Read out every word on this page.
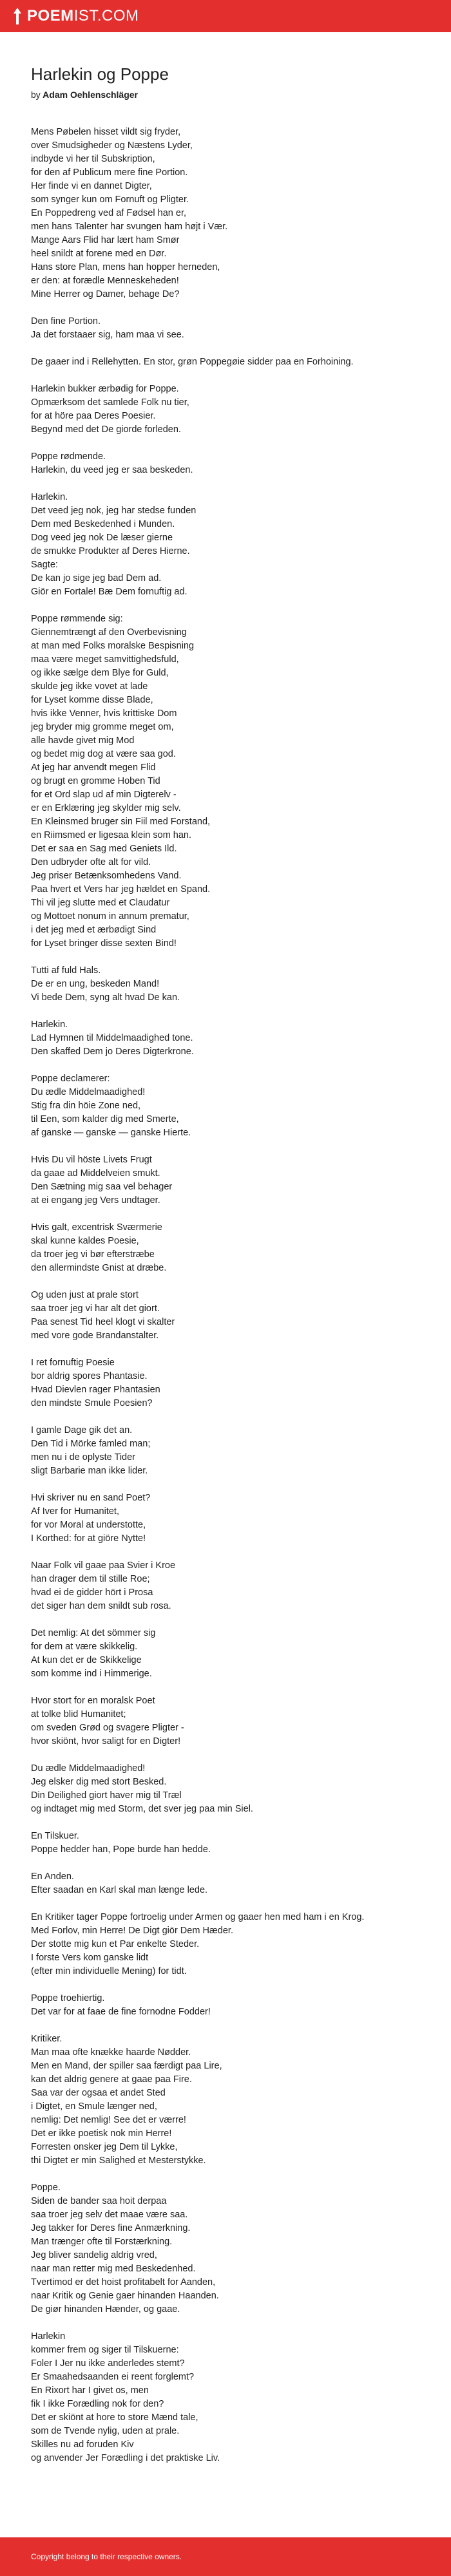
POEM IST.COM
Harlekin og Poppe
by Adam Oehlenschläger
Mens Pøbelen hisset vildt sig fryder,
over Smudsigheder og Næstens Lyder,
indbyde vi her til Subskription,
for den af Publicum mere fine Portion.
Her finde vi en dannet Digter,
som synger kun om Fornuft og Pligter.
En Poppedreng ved af Fødsel han er,
men hans Talenter har svungen ham højt i Vær.
Mange Aars Flid har lært ham Smør
heel snildt at forene med en Dør.
Hans store Plan, mens han hopper herneden,
er den: at forædle Menneskeheden!
Mine Herrer og Damer, behage De?
Den fine Portion.
Ja det forstaaer sig, ham maa vi see.
De gaaer ind i Rellehytten. En stor, grøn Poppegøie sidder paa en Forhoining.
Harlekin bukker ærbødig for Poppe.
Opmærksom det samlede Folk nu tier,
for at höre paa Deres Poesier.
Begynd med det De giorde forleden.
Poppe rødmende.
Harlekin, du veed jeg er saa beskeden.
Harlekin.
Det veed jeg nok, jeg har stedse funden
Dem med Beskedenhed i Munden.
Dog veed jeg nok De læser gierne
de smukke Produkter af Deres Hierne.
Sagte:
De kan jo sige jeg bad Dem ad.
Giör en Fortale! Bæ Dem fornuftig ad.
Poppe rømmende sig:
Giennemtrængt af den Overbevisning
at man med Folks moralske Bespisning
maa være meget samvittighedsfuld,
og ikke sælge dem Blye for Guld,
skulde jeg ikke vovet at lade
for Lyset komme disse Blade,
hvis ikke Venner, hvis krittiske Dom
jeg bryder mig gromme meget om,
alle havde givet mig Mod
og bedet mig dog at være saa god.
At jeg har anvendt megen Flid
og brugt en gromme Hoben Tid
for et Ord slap ud af min Digterelv -
er en Erklæring jeg skylder mig selv.
En Kleinsmed bruger sin Fiil med Forstand,
en Riimsmed er ligesaa klein som han.
Det er saa en Sag med Geniets Ild.
Den udbryder ofte alt for vild.
Jeg priser Betænksomhedens Vand.
Paa hvert et Vers har jeg hældet en Spand.
Thi vil jeg slutte med et Claudatur
og Mottoet nonum in annum prematur,
i det jeg med et ærbødigt Sind
for Lyset bringer disse sexten Bind!
Tutti af fuld Hals.
De er en ung, beskeden Mand!
Vi bede Dem, syng alt hvad De kan.
Harlekin.
Lad Hymnen til Middelmaadighed tone.
Den skaffed Dem jo Deres Digterkrone.
Poppe declamerer:
Du ædle Middelmaadighed!
Stig fra din höie Zone ned,
til Een, som kalder dig med Smerte,
af ganske — ganske — ganske Hierte.
Hvis Du vil höste Livets Frugt
da gaae ad Middelveien smukt.
Den Sætning mig saa vel behager
at ei engang jeg Vers undtager.
Hvis galt, excentrisk Sværmerie
skal kunne kaldes Poesie,
da troer jeg vi bør efterstræbe
den allermindste Gnist at dræbe.
Og uden just at prale stort
saa troer jeg vi har alt det giort.
Paa senest Tid heel klogt vi skalter
med vore gode Brandanstalter.
I ret fornuftig Poesie
bor aldrig spores Phantasie.
Hvad Dievlen rager Phantasien
den mindste Smule Poesien?
I gamle Dage gik det an.
Den Tid i Mörke famled man;
men nu i de oplyste Tider
sligt Barbarie man ikke lider.
Hvi skriver nu en sand Poet?
Af Iver for Humanitet,
for vor Moral at understotte,
I Korthed: for at giöre Nytte!
Naar Folk vil gaae paa Svier i Kroe
han drager dem til stille Roe;
hvad ei de gidder hört i Prosa
det siger han dem snildt sub rosa.
Det nemlig: At det sömmer sig
for dem at være skikkelig.
At kun det er de Skikkelige
som komme ind i Himmerige.
Hvor stort for en moralsk Poet
at tolke blid Humanitet;
om sveden Grød og svagere Pligter -
hvor skiönt, hvor saligt for en Digter!
Du ædle Middelmaadighed!
Jeg elsker dig med stort Besked.
Din Deilighed giort haver mig til Træl
og indtaget mig med Storm, det sver jeg paa min Siel.
En Tilskuer.
Poppe hedder han, Pope burde han hedde.
En Anden.
Efter saadan en Karl skal man længe lede.
En Kritiker tager Poppe fortroelig under Armen og gaaer hen med ham i en Krog.
Med Forlov, min Herre! De Digt giör Dem Hæder.
Der stotte mig kun et Par enkelte Steder.
I forste Vers kom ganske lidt
(efter min individuelle Mening) for tidt.
Poppe troehiertig.
Det var for at faae de fine fornodne Fodder!
Kritiker.
Man maa ofte knække haarde Nødder.
Men en Mand, der spiller saa færdigt paa Lire,
kan det aldrig genere at gaae paa Fire.
Saa var der ogsaa et andet Sted
i Digtet, en Smule længer ned,
nemlig: Det nemlig! See det er værre!
Det er ikke poetisk nok min Herre!
Forresten onsker jeg Dem til Lykke,
thi Digtet er min Salighed et Mesterstykke.
Poppe.
Siden de bander saa hoit derpaa
saa troer jeg selv det maae være saa.
Jeg takker for Deres fine Anmærkning.
Man trænger ofte til Forstærkning.
Jeg bliver sandelig aldrig vred,
naar man retter mig med Beskedenhed.
Tvertimod er det hoist profitabelt for Aanden,
naar Kritik og Genie gaer hinanden Haanden.
De giør hinanden Hænder, og gaae.
Harlekin
kommer frem og siger til Tilskuerne:
Foler I Jer nu ikke anderledes stemt?
Er Smaahedsaanden ei reent forglemt?
En Rixort har I givet os, men
fik I ikke Forædling nok for den?
Det er skiönt at hore to store Mænd tale,
som de Tvende nylig, uden at prale.
Skilles nu ad foruden Kiv
og anvender Jer Forædling i det praktiske Liv.
Copyright belong to their respective owners.
